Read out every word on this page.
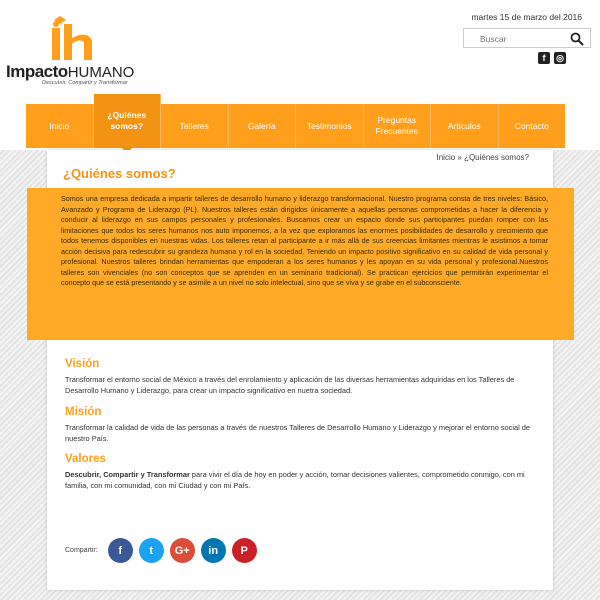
ImpactoHUMANO
Descubrir, Compartir y Transformar
martes 15 de marzo del 2016
Buscar
f	◎
Inicio
¿Quiénes somos?	Talleres	Galería	Testimonios
Preguntas Frecuentes
Artículos	Contacto
Inicio » ¿Quiénes somos?
¿Quiénes somos?
Somos una empresa dedicada a impartir talleres de desarrollo humano y liderazgo transformacional. Nuestro programa consta de tres niveles: Básico, Avanzado y Programa de Liderazgo (PL). Nuestros talleres están dirigidos únicamente a aquellas personas comprometidas a hacer la diferencia y conducir al liderazgo en sus campos personales y profesionales. Buscamos crear un espacio donde sus participantes puedan romper con las limitaciones que todos los seres humanos nos auto imponemos, a la vez que exploramos las enormes posibilidades de desarrollo y crecimiento que todos tenemos disponibles en nuestras vidas. Los talleres retan al participante a ir más allá de sus creencias limitantes mientras le asistimos a tomar acción decisiva para redescubrir su grandeza humana y rol en la sociedad. Teniendo un impacto positivo significativo en su calidad de vida personal y profesional. Nuestros talleres brindan herramientas que empoderan a los seres humanos y les apoyan en su vida personal y profesional.Nuestros talleres son vivenciales (no son conceptos que se aprenden en un seminario tradicional). Se practican ejercicios que permitirán experimentar el concepto que se está presentando y se asimile a un nivel no solo intelectual, sino que se viva y se grabe en el subconsciente.
Visión
Transformar el entorno social de México a través del enrolamiento y aplicación de las diversas herramientas adquiridas en los Talleres de Desarrollo Humano y Liderazgo, para crear un impacto significativo en nuetra sociedad.
Misión
Transformar la calidad de vida de las personas a través de nuestros Talleres de Desarrollo Humano y Liderazgo y mejorar el entorno social de nuestro País.
Valores
Descubrir, Compartir y Transformar para vivir el día de hoy en poder y acción, tomar decisiones valientes, comprometido conmigo, con mi familia, con mi comunidad, con mi Ciudad y con mi País.
Compartir:	f	t	G+	in	P
